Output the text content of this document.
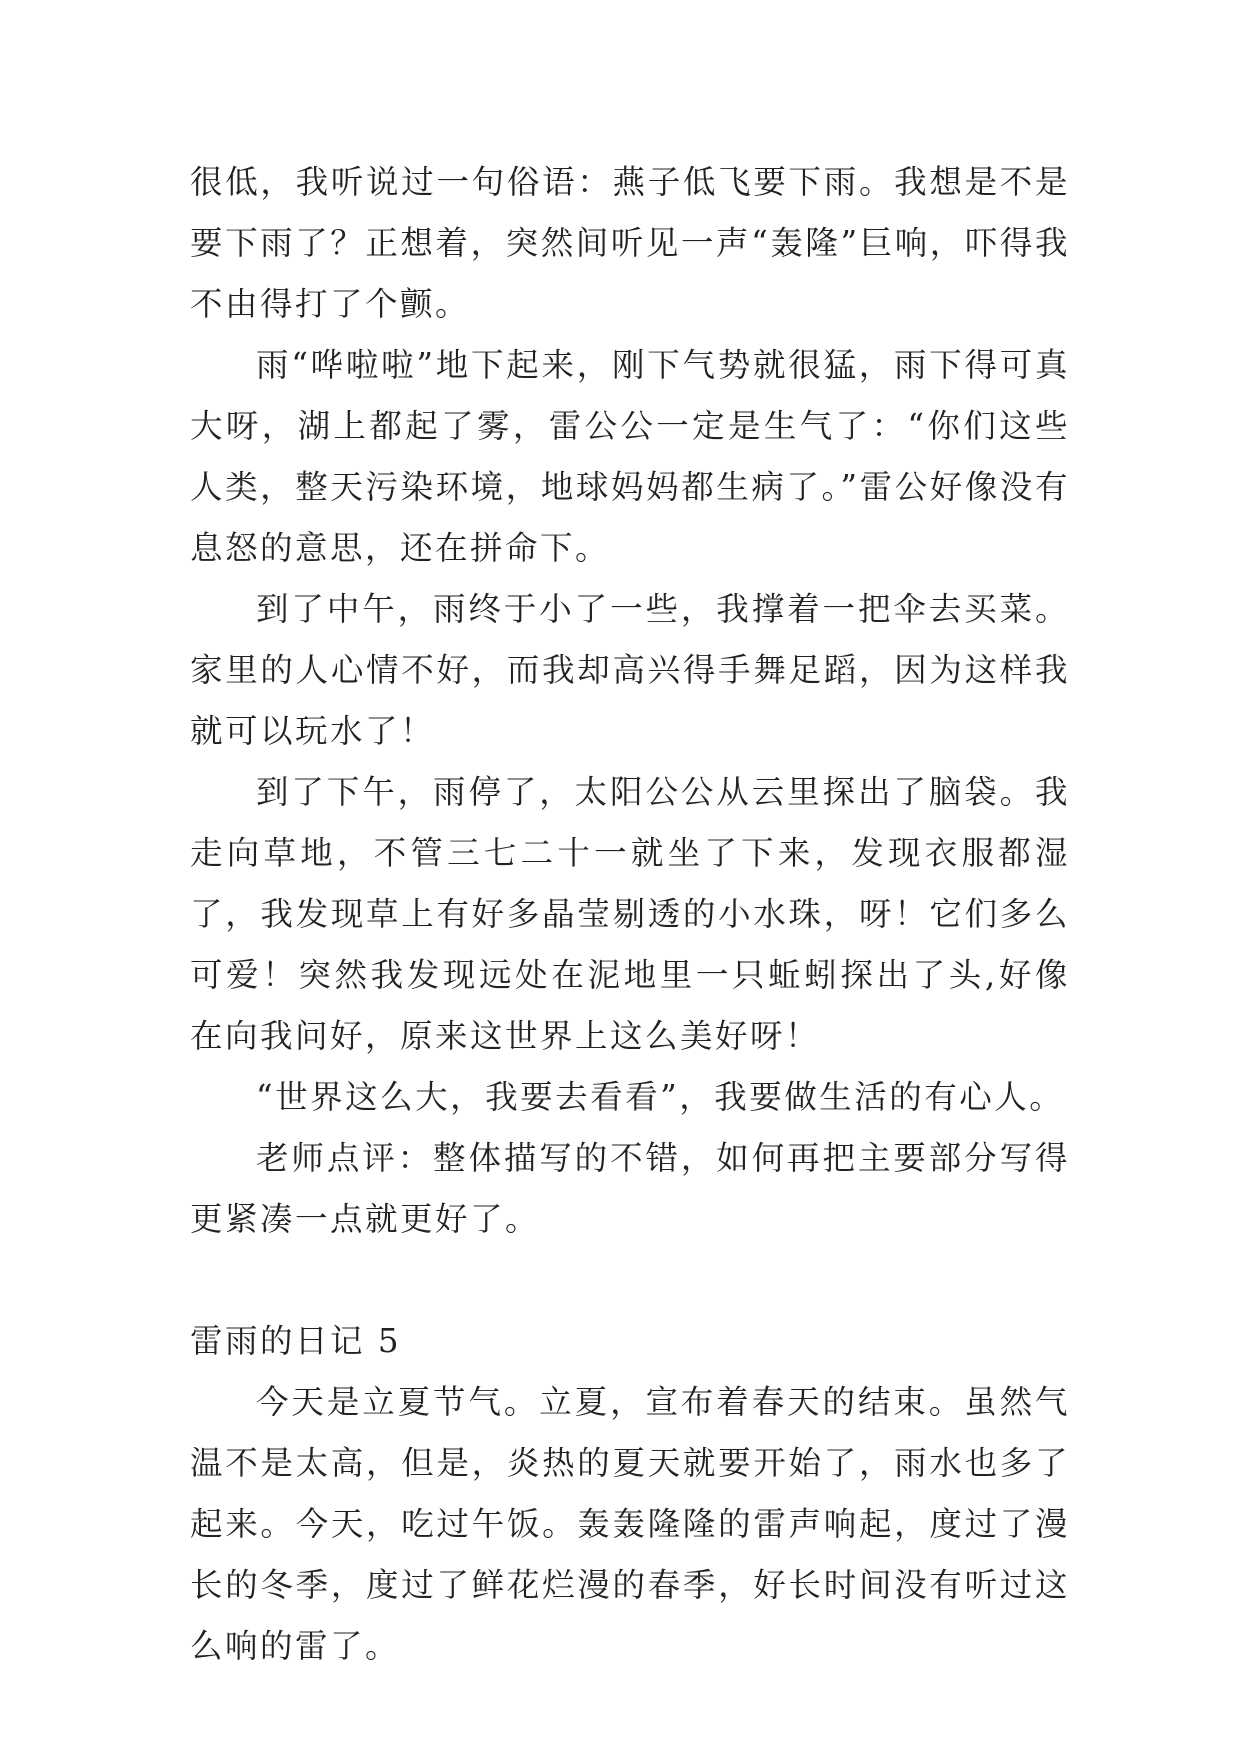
很低，我听说过一句俗语：燕子低飞要下雨。我想是不是要下雨了？正想着，突然间听见一声“轰隆”巨响，吓得我不由得打了个颤。

雨“哗啦啦”地下起来，刚下气势就很猛，雨下得可真大呀，湖上都起了雾，雷公公一定是生气了：“你们这些人类，整天污染环境，地球妈妈都生病了。”雷公好像没有息怒的意思，还在拼命下。

到了中午，雨终于小了一些，我撑着一把伞去买菜。家里的人心情不好，而我却高兴得手舞足蹈，因为这样我就可以玩水了！

到了下午，雨停了，太阳公公从云里探出了脑袋。我走向草地，不管三七二十一就坐了下来，发现衣服都湿了，我发现草上有好多晶莹剔透的小水珠，呀！它们多么可爱！突然我发现远处在泥地里一只蚯蚓探出了头,好像在向我问好，原来这世界上这么美好呀！

“世界这么大，我要去看看”，我要做生活的有心人。

老师点评：整体描写的不错，如何再把主要部分写得更紧凑一点就更好了。

雷雨的日记 5

今天是立夏节气。立夏，宣布着春天的结束。虽然气温不是太高，但是，炎热的夏天就要开始了，雨水也多了起来。今天，吃过午饭。轰轰隆隆的雷声响起，度过了漫长的冬季，度过了鲜花烂漫的春季，好长时间没有听过这么响的雷了。
